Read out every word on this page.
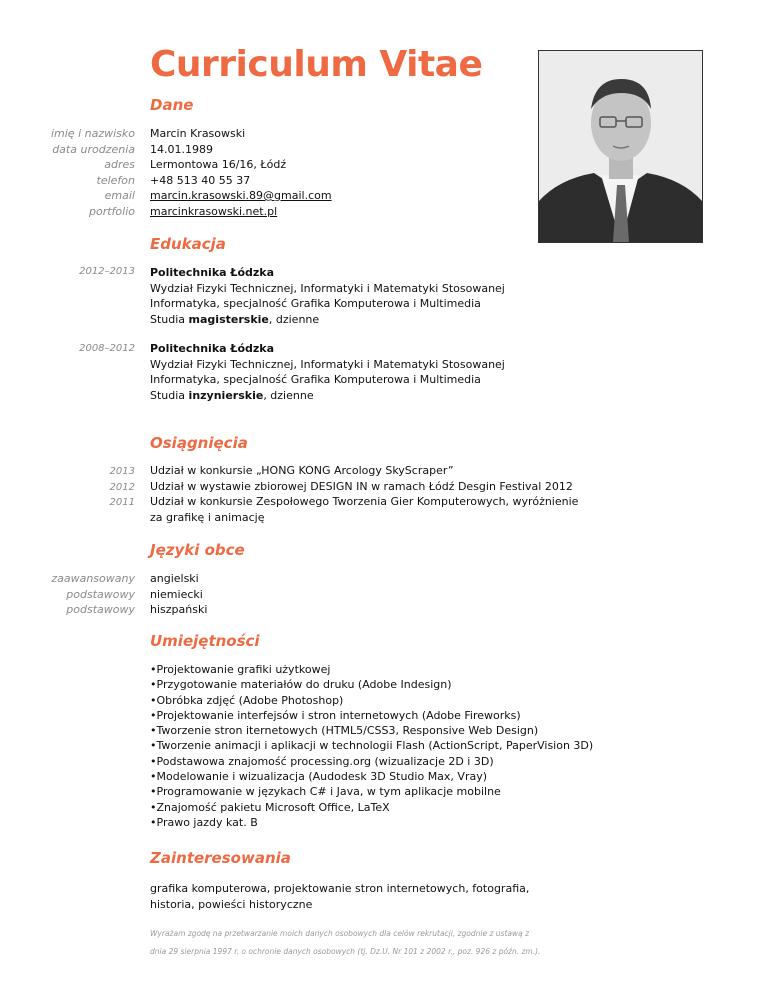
Curriculum Vitae
Dane
imię i nazwisko
data urodzenia
adres
telefon
email
portfolio
Marcin Krasowski
14.01.1989
Lermontowa 16/16, Łódź
+48 513 40 55 37
marcin.krasowski.89@gmail.com
marcinkrasowski.net.pl
Edukacja
2012–2013 Politechnika Łódzka
Wydział Fizyki Technicznej, Informatyki i Matematyki Stosowanej
Informatyka, specjalność Grafika Komputerowa i Multimedia
Studia magisterskie, dzienne
2008–2012 Politechnika Łódzka
Wydział Fizyki Technicznej, Informatyki i Matematyki Stosowanej
Informatyka, specjalność Grafika Komputerowa i Multimedia
Studia inzynierskie, dzienne
Osiągnięcia
2013
2012
2011
Udział w konkursie „HONG KONG Arcology SkyScraper”
Udział w wystawie zbiorowej DESIGN IN w ramach Łódź Desgin Festival 2012
Udział w konkursie Zespołowego Tworzenia Gier Komputerowych, wyróżnienie
za grafikę i animację
Języki obce
zaawansowany
podstawowy
podstawowy
angielski
niemiecki
hiszpański
Umiejętności
• Projektowanie grafiki użytkowej
• Przygotowanie materiałów do druku (Adobe Indesign)
• Obróbka zdjęć (Adobe Photoshop)
• Projektowanie interfejsów i stron internetowych (Adobe Fireworks)
• Tworzenie stron iternetowych (HTML5/CSS3, Responsive Web Design)
• Tworzenie animacji i aplikacji w technologii Flash (ActionScript, PaperVision 3D)
• Podstawowa znajomość processing.org (wizualizacje 2D i 3D)
• Modelowanie i wizualizacja (Audodesk 3D Studio Max, Vray)
• Programowanie w językach C# i Java, w tym aplikacje mobilne
• Znajomość pakietu Microsoft Office, LaTeX
• Prawo jazdy kat. B
Zainteresowania
grafika komputerowa, projektowanie stron internetowych, fotografia,
historia, powieści historyczne
Wyrażam zgodę na przetwarzanie moich danych osobowych dla celów rekrutacji, zgodnie z ustawą z
dnia 29 sierpnia 1997 r. o ochronie danych osobowych (tj. Dz.U. Nr 101 z 2002 r., poz. 926 z późn. zm.).
